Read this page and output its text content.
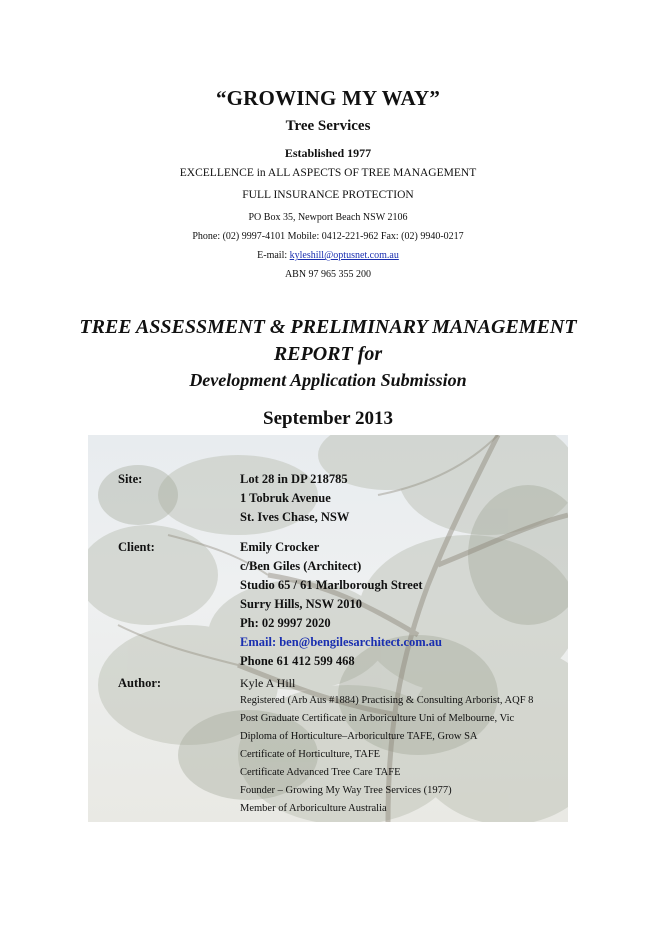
“GROWING MY WAY”
Tree Services
Established 1977
EXCELLENCE in ALL ASPECTS OF TREE MANAGEMENT
FULL INSURANCE PROTECTION
PO Box 35, Newport Beach NSW 2106
Phone: (02) 9997-4101 Mobile: 0412-221-962 Fax: (02) 9940-0217
E-mail: kyleshill@optusnet.com.au
ABN 97 965 355 200
TREE ASSESSMENT & PRELIMINARY MANAGEMENT
REPORT for
Development Application Submission
September 2013
Site:	Lot 28 in DP 218785
1 Tobruk Avenue
St. Ives Chase, NSW
Client:	Emily Crocker
c/Ben Giles (Architect)
Studio 65 / 61 Marlborough Street
Surry Hills, NSW 2010
Ph: 02 9997 2020
Email: ben@bengilesarchitect.com.au
Phone 61 412 599 468
Author:	Kyle A Hill
Registered (Arb Aus #1884) Practising & Consulting Arborist, AQF 8
Post Graduate Certificate in Arboriculture Uni of Melbourne, Vic
Diploma of Horticulture–Arboriculture TAFE, Grow SA
Certificate of Horticulture, TAFE
Certificate Advanced Tree Care TAFE
Founder – Growing My Way Tree Services (1977)
Member of Arboriculture Australia
